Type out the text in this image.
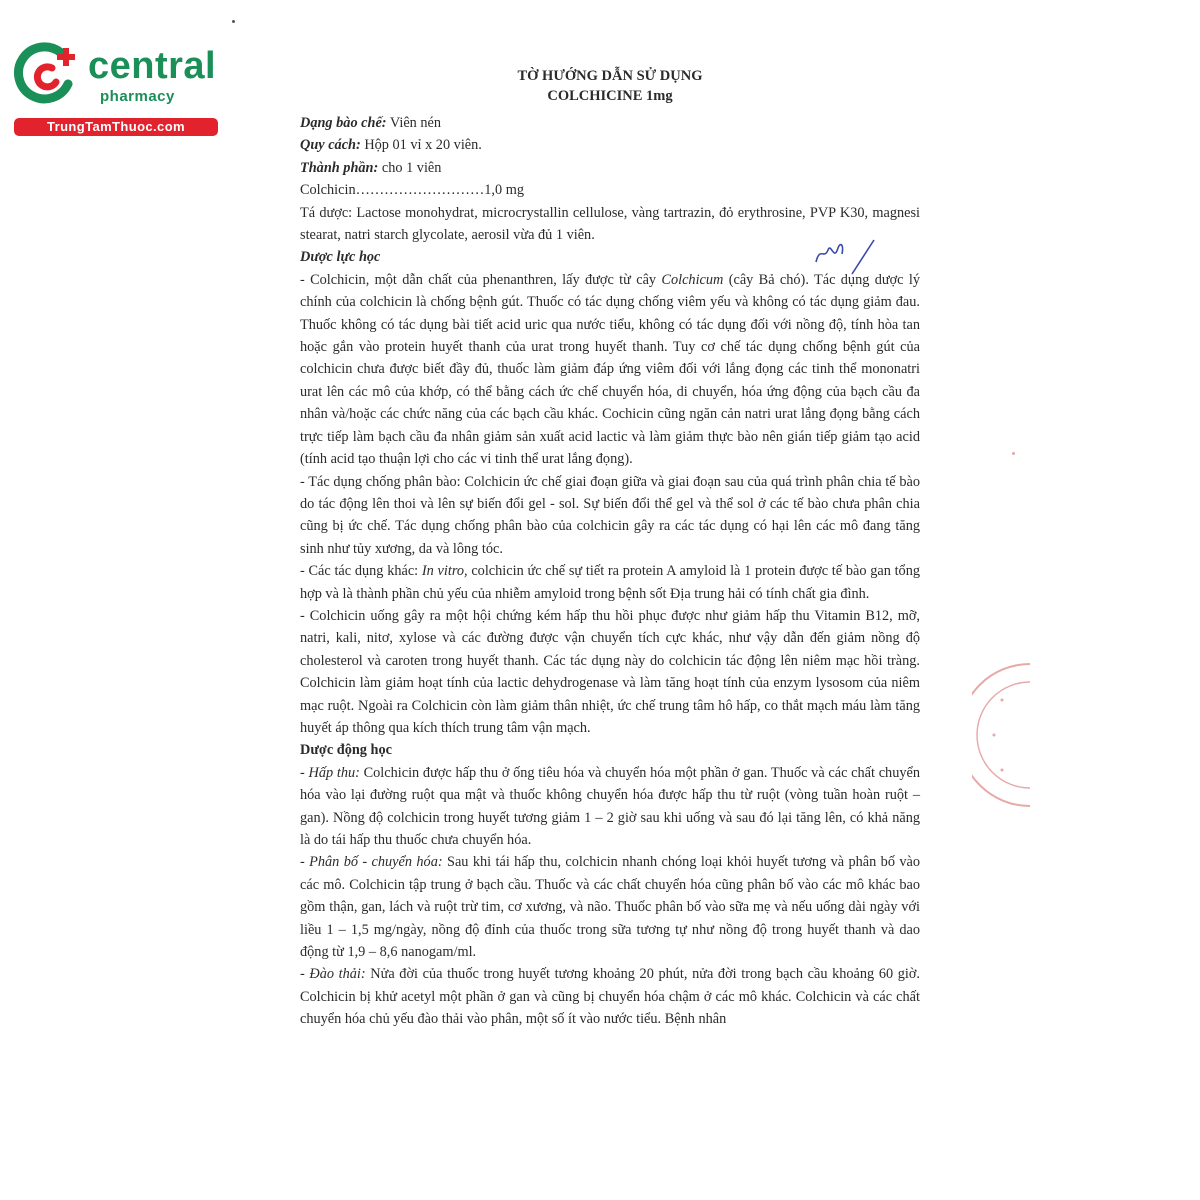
central
pharmacy
TrungTamThuoc.com
TỜ HƯỚNG DẪN SỬ DỤNG
COLCHICINE 1mg

Dạng bào chế: Viên nén

Quy cách: Hộp 01 vỉ x 20 viên.

Thành phần: cho 1 viên

Colchicin………………………1,0 mg

Tá dược: Lactose monohydrat, microcrystallin cellulose, vàng tartrazin, đỏ erythrosine, PVP K30, magnesi stearat, natri starch glycolate, aerosil vừa đủ 1 viên.

Dược lực học

- Colchicin, một dẫn chất của phenanthren, lấy được từ cây Colchicum (cây Bả chó). Tác dụng dược lý chính của colchicin là chống bệnh gút. Thuốc có tác dụng chống viêm yếu và không có tác dụng giảm đau. Thuốc không có tác dụng bài tiết acid uric qua nước tiểu, không có tác dụng đối với nồng độ, tính hòa tan hoặc gắn vào protein huyết thanh của urat trong huyết thanh. Tuy cơ chế tác dụng chống bệnh gút của colchicin chưa được biết đầy đủ, thuốc làm giảm đáp ứng viêm đối với lắng đọng các tinh thể mononatri urat lên các mô của khớp, có thể bằng cách ức chế chuyển hóa, di chuyển, hóa ứng động của bạch cầu đa nhân và/hoặc các chức năng của các bạch cầu khác. Cochicin cũng ngăn cản natri urat lắng đọng bằng cách trực tiếp làm bạch cầu đa nhân giảm sản xuất acid lactic và làm giảm thực bào nên gián tiếp giảm tạo acid (tính acid tạo thuận lợi cho các vi tinh thể urat lắng đọng).

- Tác dụng chống phân bào: Colchicin ức chế giai đoạn giữa và giai đoạn sau của quá trình phân chia tế bào do tác động lên thoi và lên sự biến đổi gel - sol. Sự biến đổi thể gel và thể sol ở các tế bào chưa phân chia cũng bị ức chế. Tác dụng chống phân bào của colchicin gây ra các tác dụng có hại lên các mô đang tăng sinh như tủy xương, da và lông tóc.

- Các tác dụng khác: In vitro, colchicin ức chế sự tiết ra protein A amyloid là 1 protein được tế bào gan tổng hợp và là thành phần chủ yếu của nhiễm amyloid trong bệnh sốt Địa trung hải có tính chất gia đình.

- Colchicin uống gây ra một hội chứng kém hấp thu hồi phục được như giảm hấp thu Vitamin B12, mỡ, natri, kali, nitơ, xylose và các đường được vận chuyển tích cực khác, như vậy dẫn đến giảm nồng độ cholesterol và caroten trong huyết thanh. Các tác dụng này do colchicin tác động lên niêm mạc hồi tràng. Colchicin làm giảm hoạt tính của lactic dehydrogenase và làm tăng hoạt tính của enzym lysosom của niêm mạc ruột. Ngoài ra Colchicin còn làm giảm thân nhiệt, ức chế trung tâm hô hấp, co thắt mạch máu làm tăng huyết áp thông qua kích thích trung tâm vận mạch.

Dược động học

- Hấp thu: Colchicin được hấp thu ở ống tiêu hóa và chuyển hóa một phần ở gan. Thuốc và các chất chuyển hóa vào lại đường ruột qua mật và thuốc không chuyển hóa được hấp thu từ ruột (vòng tuần hoàn ruột – gan). Nồng độ colchicin trong huyết tương giảm 1 – 2 giờ sau khi uống và sau đó lại tăng lên, có khả năng là do tái hấp thu thuốc chưa chuyển hóa.

- Phân bố - chuyển hóa: Sau khi tái hấp thu, colchicin nhanh chóng loại khỏi huyết tương và phân bố vào các mô. Colchicin tập trung ở bạch cầu. Thuốc và các chất chuyển hóa cũng phân bố vào các mô khác bao gồm thận, gan, lách và ruột trừ tim, cơ xương, và não. Thuốc phân bố vào sữa mẹ và nếu uống dài ngày với liều 1 – 1,5 mg/ngày, nồng độ đỉnh của thuốc trong sữa tương tự như nồng độ trong huyết thanh và dao động từ 1,9 – 8,6 nanogam/ml.

- Đào thải: Nửa đời của thuốc trong huyết tương khoảng 20 phút, nửa đời trong bạch cầu khoảng 60 giờ. Colchicin bị khử acetyl một phần ở gan và cũng bị chuyển hóa chậm ở các mô khác. Colchicin và các chất chuyển hóa chủ yếu đào thải vào phân, một số ít vào nước tiểu. Bệnh nhân
